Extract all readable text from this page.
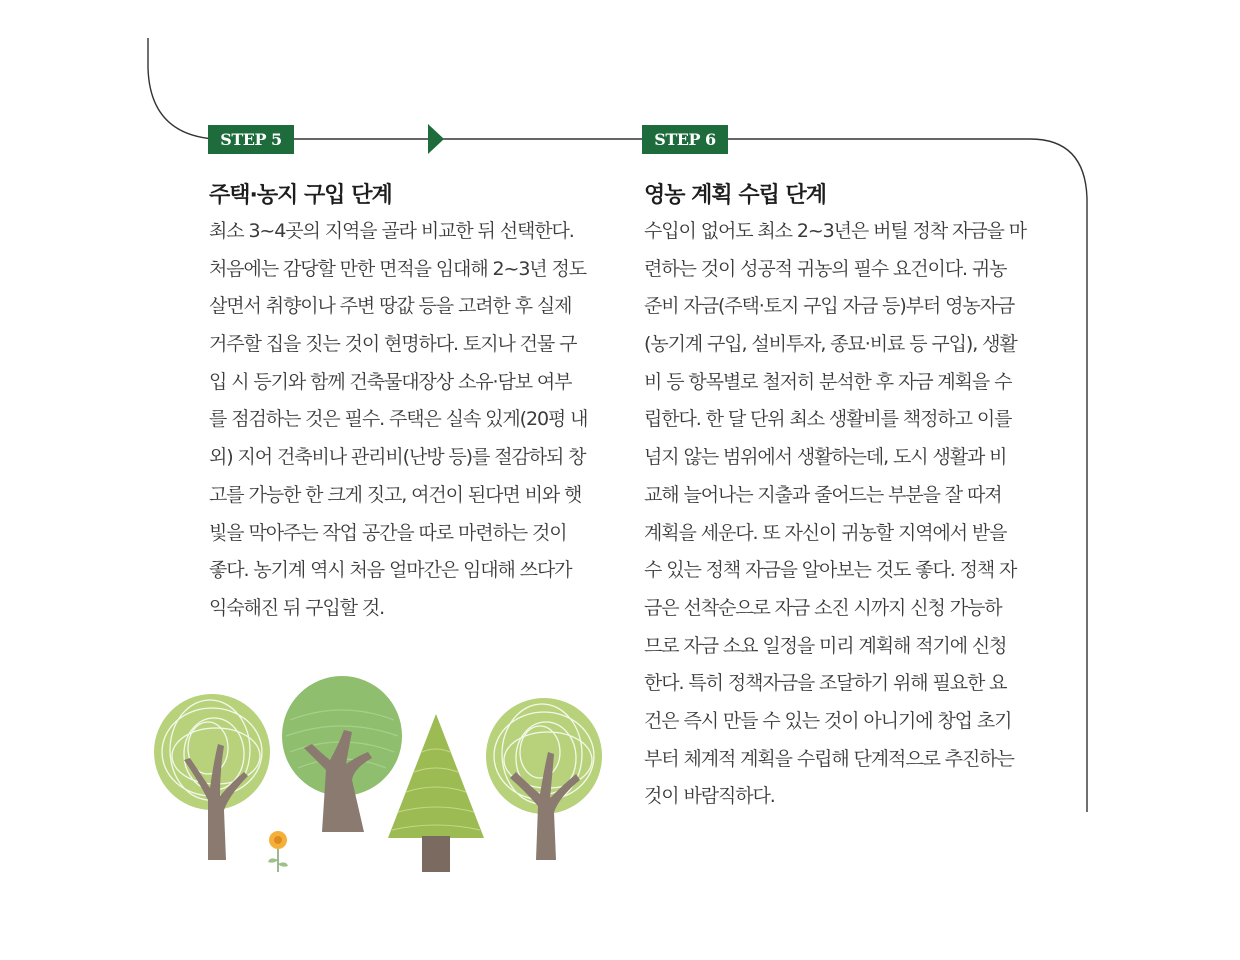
STEP 5
주택·농지 구입 단계
최소 3~4곳의 지역을 골라 비교한 뒤 선택한다.
처음에는 감당할 만한 면적을 임대해 2~3년 정도
살면서 취향이나 주변 땅값 등을 고려한 후 실제
거주할 집을 짓는 것이 현명하다. 토지나 건물 구
입 시 등기와 함께 건축물대장상 소유·담보 여부
를 점검하는 것은 필수. 주택은 실속 있게(20평 내
외) 지어 건축비나 관리비(난방 등)를 절감하되 창
고를 가능한 한 크게 짓고, 여건이 된다면 비와 햇
빛을 막아주는 작업 공간을 따로 마련하는 것이
좋다. 농기계 역시 처음 얼마간은 임대해 쓰다가
익숙해진 뒤 구입할 것.
STEP 6
영농 계획 수립 단계
수입이 없어도 최소 2~3년은 버틸 정착 자금을 마
련하는 것이 성공적 귀농의 필수 요건이다. 귀농
준비 자금(주택·토지 구입 자금 등)부터 영농자금
(농기계 구입, 설비투자, 종묘·비료 등 구입), 생활
비 등 항목별로 철저히 분석한 후 자금 계획을 수
립한다. 한 달 단위 최소 생활비를 책정하고 이를
넘지 않는 범위에서 생활하는데, 도시 생활과 비
교해 늘어나는 지출과 줄어드는 부분을 잘 따져
계획을 세운다. 또 자신이 귀농할 지역에서 받을
수 있는 정책 자금을 알아보는 것도 좋다. 정책 자
금은 선착순으로 자금 소진 시까지 신청 가능하
므로 자금 소요 일정을 미리 계획해 적기에 신청
한다. 특히 정책자금을 조달하기 위해 필요한 요
건은 즉시 만들 수 있는 것이 아니기에 창업 초기
부터 체계적 계획을 수립해 단계적으로 추진하는
것이 바람직하다.
